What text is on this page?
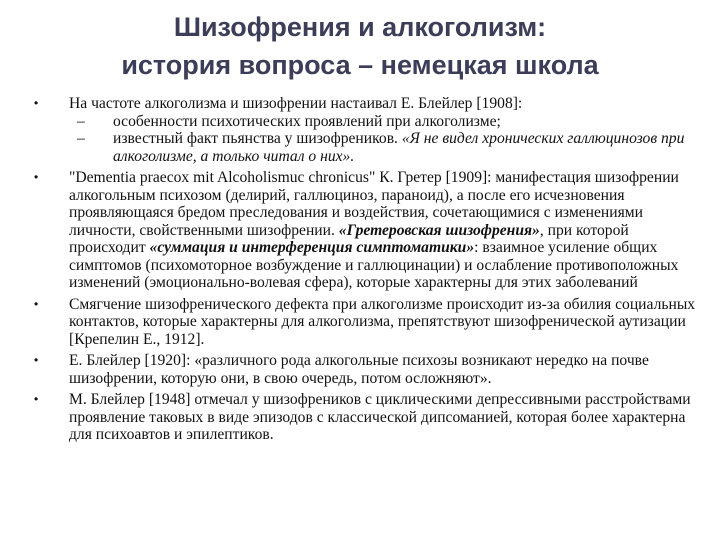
Шизофрения и алкоголизм:
история вопроса – немецкая школа
• На частоте алкоголизма и шизофрении настаивал Е. Блейлер [1908]:
– особенности психотических проявлений при алкоголизме;
– известный факт пьянства у шизофреников. «Я не видел хронических галлюцинозов при алкоголизме, а только читал о них».
• "Dementia praecox mit Alcoholismuc chronicus" К. Гретер [1909]: манифестация шизофрении алкогольным психозом (делирий, галлюциноз, параноид), а после его исчезновения проявляющаяся бредом преследования и воздействия, сочетающимися с изменениями личности, свойственными шизофрении. «Гретеровская шизофрения», при которой происходит «суммация и интерференция симптоматики»: взаимное усиление общих симптомов (психомоторное возбуждение и галлюцинации) и ослабление противоположных изменений (эмоционально-волевая сфера), которые характерны для этих заболеваний
• Смягчение шизофренического дефекта при алкоголизме происходит из-за обилия социальных контактов, которые характерны для алкоголизма, препятствуют шизофренической аутизации [Крепелин Е., 1912].
• Е. Блейлер [1920]: «различного рода алкогольные психозы возникают нередко на почве шизофрении, которую они, в свою очередь, потом осложняют».
• М. Блейлер [1948] отмечал у шизофреников с циклическими депрессивными расстройствами проявление таковых в виде эпизодов с классической дипсоманией, которая более характерна для психоавтов и эпилептиков.
